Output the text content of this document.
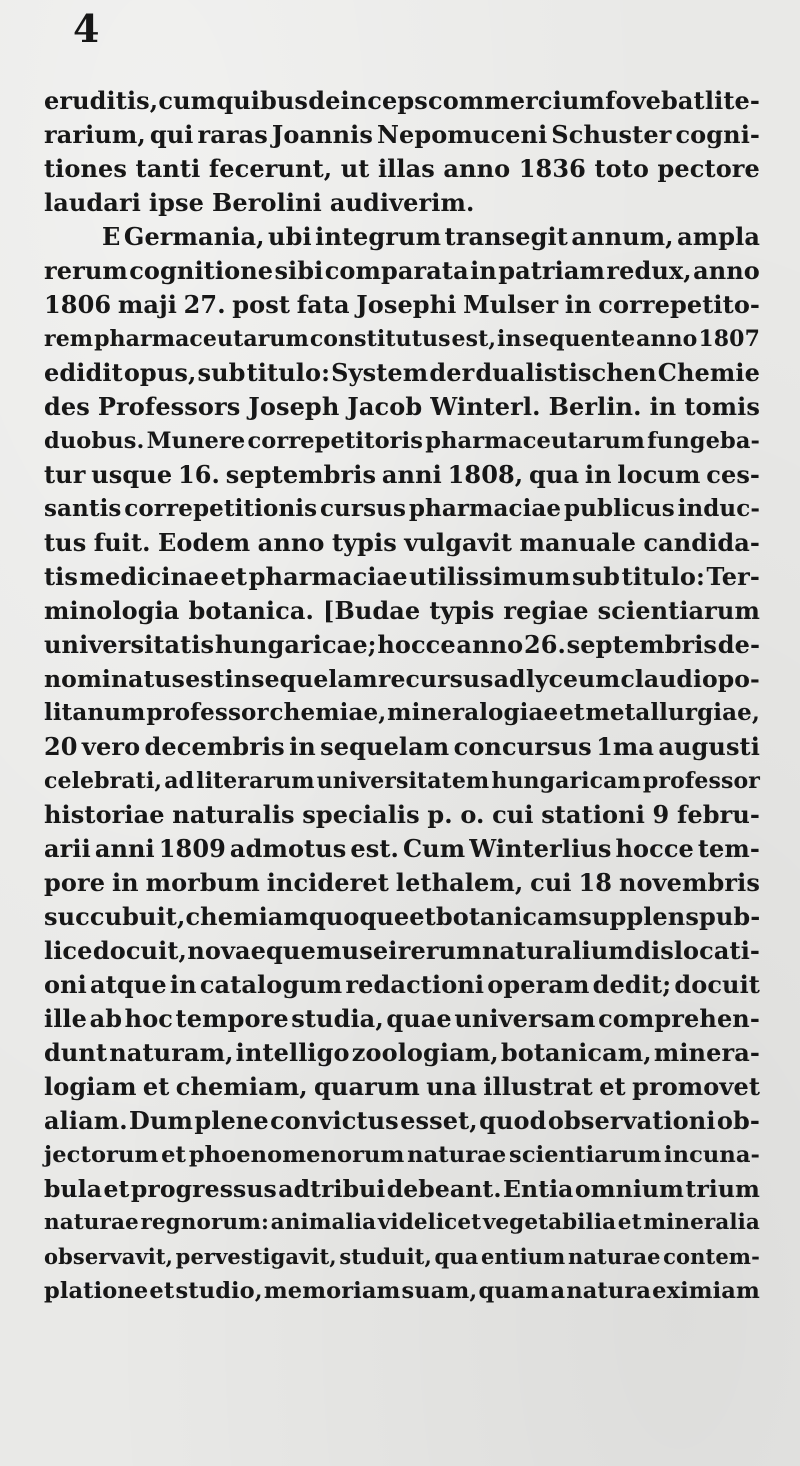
4
eruditis, cum quibus deinceps commercium fovebat lite-
rarium, qui raras Joannis Nepomuceni Schuster cogni-
tiones tanti fecerunt, ut illas anno 1836 toto pectore
laudari ipse Berolini audiverim.
E Germania, ubi integrum transegit annum, ampla
rerum cognitione sibi comparata in patriam redux, anno
1806 maji 27. post fata Josephi Mulser in correpetito-
rem pharmaceutarum constitutus est, in sequente anno 1807
edidit opus, sub titulo: System der dualistischen Chemie
des Professors Joseph Jacob Winterl. Berlin. in tomis
duobus. Munere correpetitoris pharmaceutarum fungeba-
tur usque 16. septembris anni 1808, qua in locum ces-
santis correpetitionis cursus pharmaciae publicus induc-
tus fuit. Eodem anno typis vulgavit manuale candida-
tis medicinae et pharmaciae utilissimum sub titulo: Ter-
minologia botanica. [Budae typis regiae scientiarum
universitatis hungaricae; hocce anno 26. septembris de-
nominatus est in sequelam recursus ad lyceum claudiopo-
litanum professor chemiae, mineralogiae et metallurgiae,
20 vero decembris in sequelam concursus 1ma augusti
celebrati, ad literarum universitatem hungaricam professor
historiae naturalis specialis p. o. cui stationi 9 febru-
arii anni 1809 admotus est. Cum Winterlius hocce tem-
pore in morbum incideret lethalem, cui 18 novembris
succubuit, chemiam quoque et botanicam supplens pub-
lice docuit, novaeque musei rerum naturalium dislocati-
oni atque in catalogum redactioni operam dedit; docuit
ille ab hoc tempore studia, quae universam comprehen-
dunt naturam, intelligo zoologiam, botanicam, minera-
logiam et chemiam, quarum una illustrat et promovet
aliam. Dum plene convictus esset, quod observationi ob-
jectorum et phoenomenorum naturae scientiarum incuna-
bula et progressus adtribui debeant. Entia omnium trium
naturae regnorum: animalia videlicet vegetabilia et mineralia
observavit, pervestigavit, studuit, qua entium naturae contem-
platione et studio, memoriam suam, quam a natura eximiam
